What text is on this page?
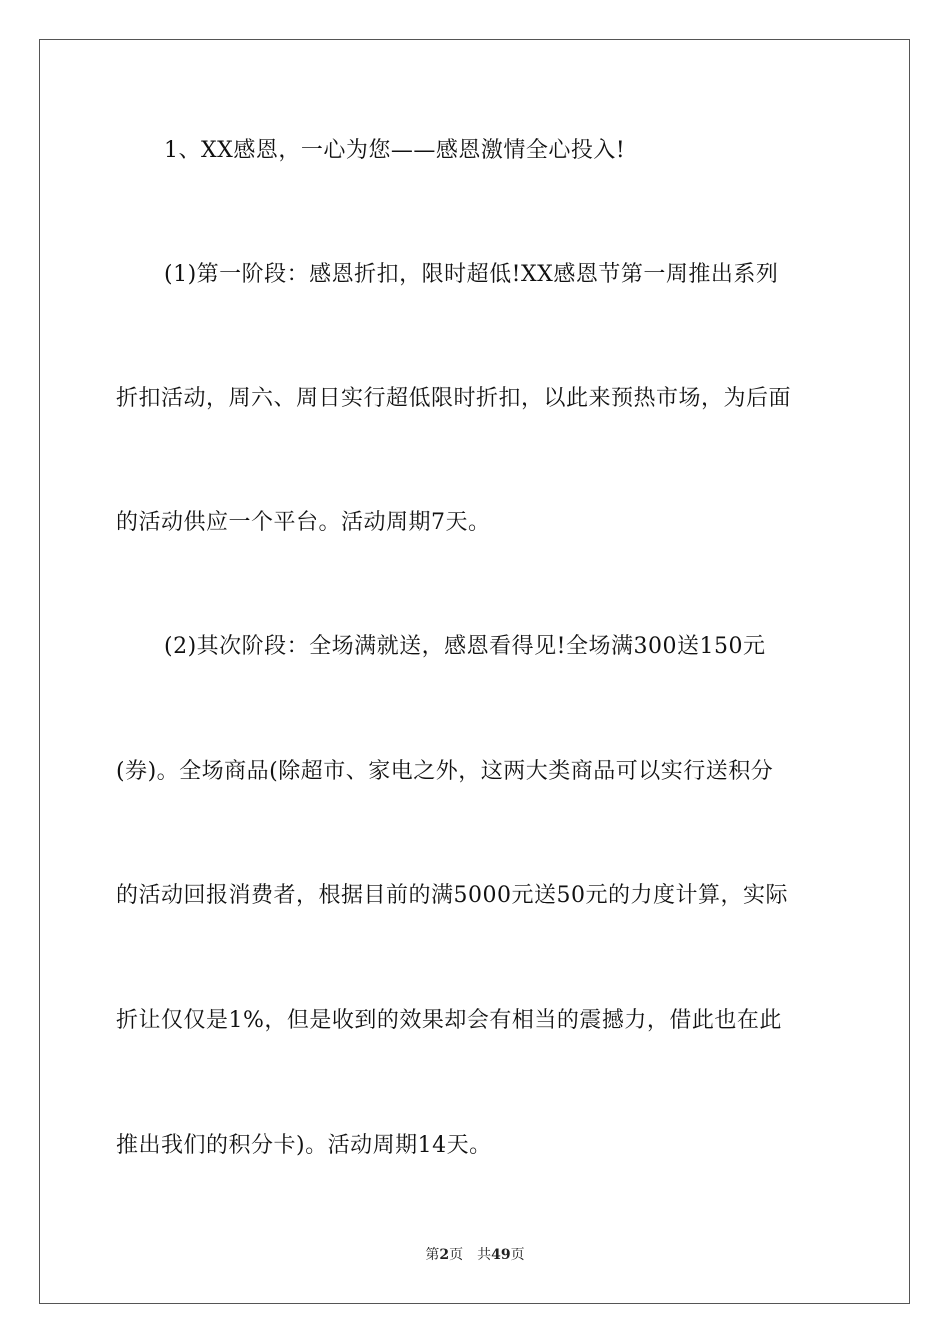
1、XX感恩，一心为您——感恩激情全心投入!
(1)第一阶段：感恩折扣，限时超低!XX感恩节第一周推出系列
折扣活动，周六、周日实行超低限时折扣，以此来预热市场，为后面
的活动供应一个平台。活动周期7天。
(2)其次阶段：全场满就送，感恩看得见!全场满300送150元
(券)。全场商品(除超市、家电之外，这两大类商品可以实行送积分
的活动回报消费者，根据目前的满5000元送50元的力度计算，实际
折让仅仅是1%，但是收到的效果却会有相当的震撼力，借此也在此
推出我们的积分卡)。活动周期14天。
第2页 共49页
